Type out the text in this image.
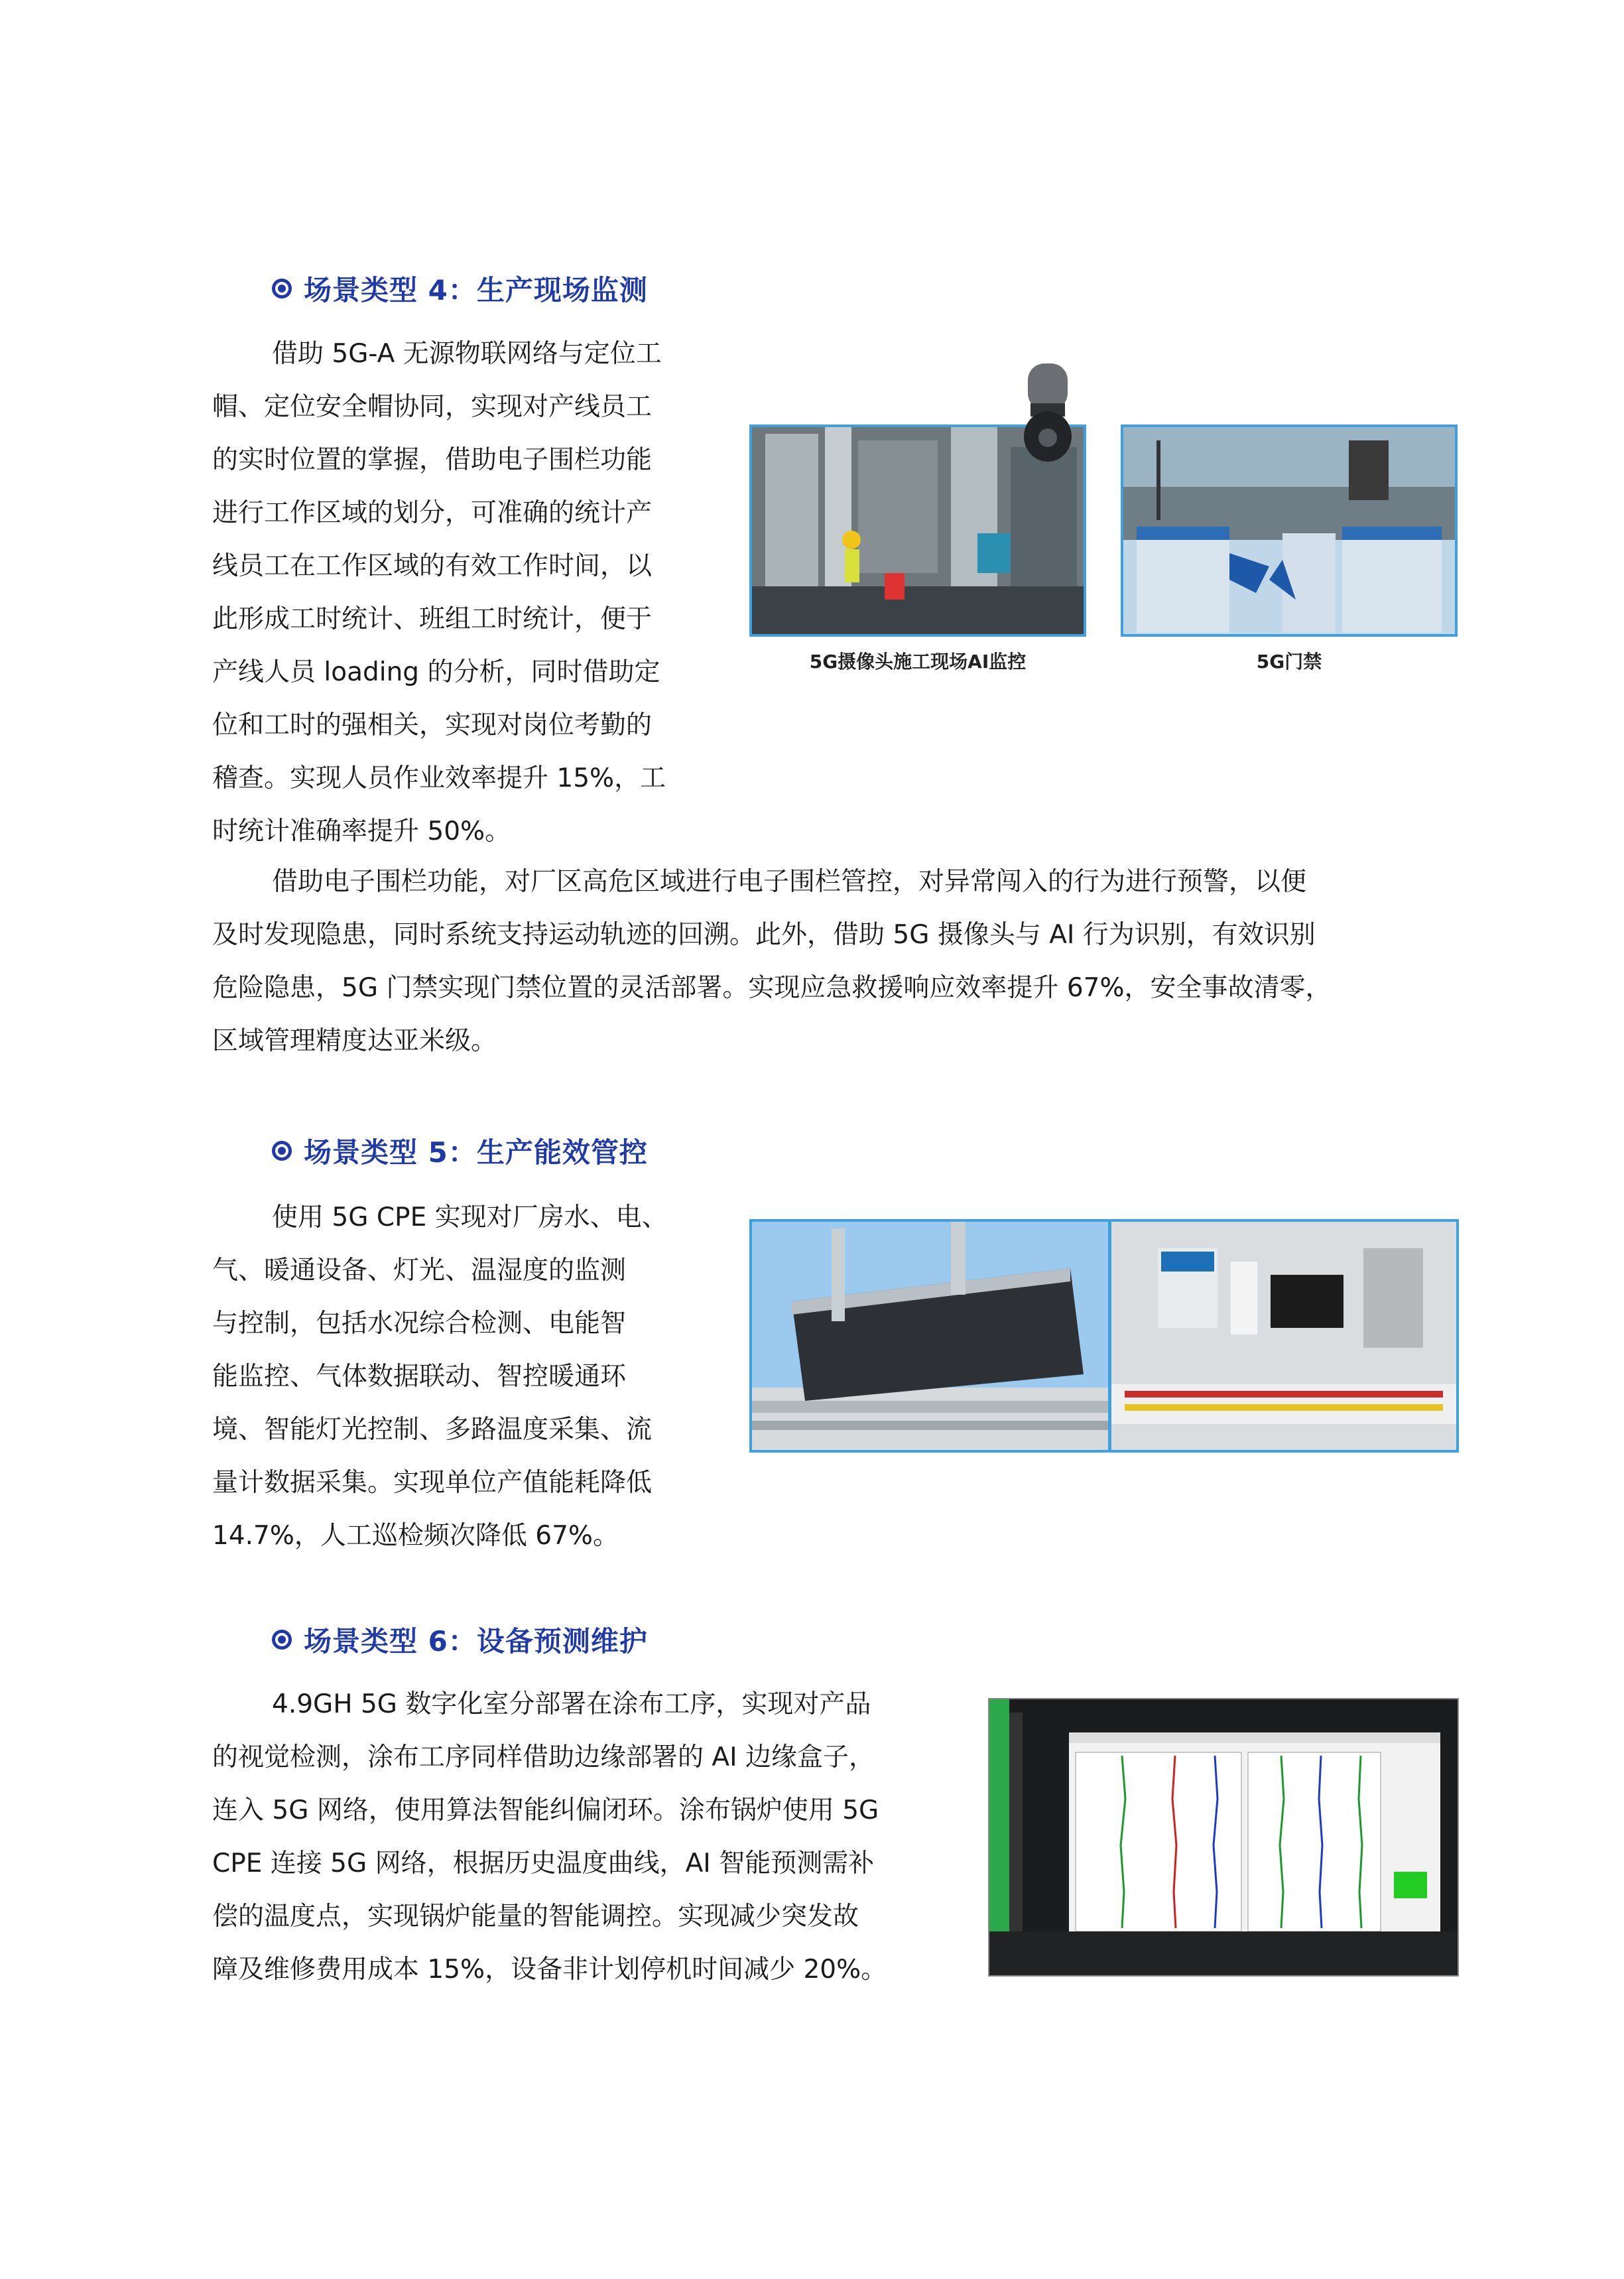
场景类型 4：生产现场监测
借助 5G-A 无源物联网络与定位工
帽、定位安全帽协同，实现对产线员工
的实时位置的掌握，借助电子围栏功能
进行工作区域的划分，可准确的统计产
线员工在工作区域的有效工作时间，以
此形成工时统计、班组工时统计，便于
产线人员 loading 的分析，同时借助定
位和工时的强相关，实现对岗位考勤的
稽查。实现人员作业效率提升 15%，工
时统计准确率提升 50%。
5G摄像头施工现场AI监控	5G门禁
借助电子围栏功能，对厂区高危区域进行电子围栏管控，对异常闯入的行为进行预警，以便
及时发现隐患，同时系统支持运动轨迹的回溯。此外，借助 5G 摄像头与 AI 行为识别，有效识别
危险隐患，5G 门禁实现门禁位置的灵活部署。实现应急救援响应效率提升 67%，安全事故清零，
区域管理精度达亚米级。
场景类型 5：生产能效管控
使用 5G CPE 实现对厂房水、电、
气、暖通设备、灯光、温湿度的监测
与控制，包括水况综合检测、电能智
能监控、气体数据联动、智控暖通环
境、智能灯光控制、多路温度采集、流
量计数据采集。实现单位产值能耗降低
14.7%，人工巡检频次降低 67%。
场景类型 6：设备预测维护
4.9GH 5G 数字化室分部署在涂布工序，实现对产品
的视觉检测，涂布工序同样借助边缘部署的 AI 边缘盒子，
连入 5G 网络，使用算法智能纠偏闭环。涂布锅炉使用 5G
CPE 连接 5G 网络，根据历史温度曲线，AI 智能预测需补
偿的温度点，实现锅炉能量的智能调控。实现减少突发故
障及维修费用成本 15%，设备非计划停机时间减少 20%。
